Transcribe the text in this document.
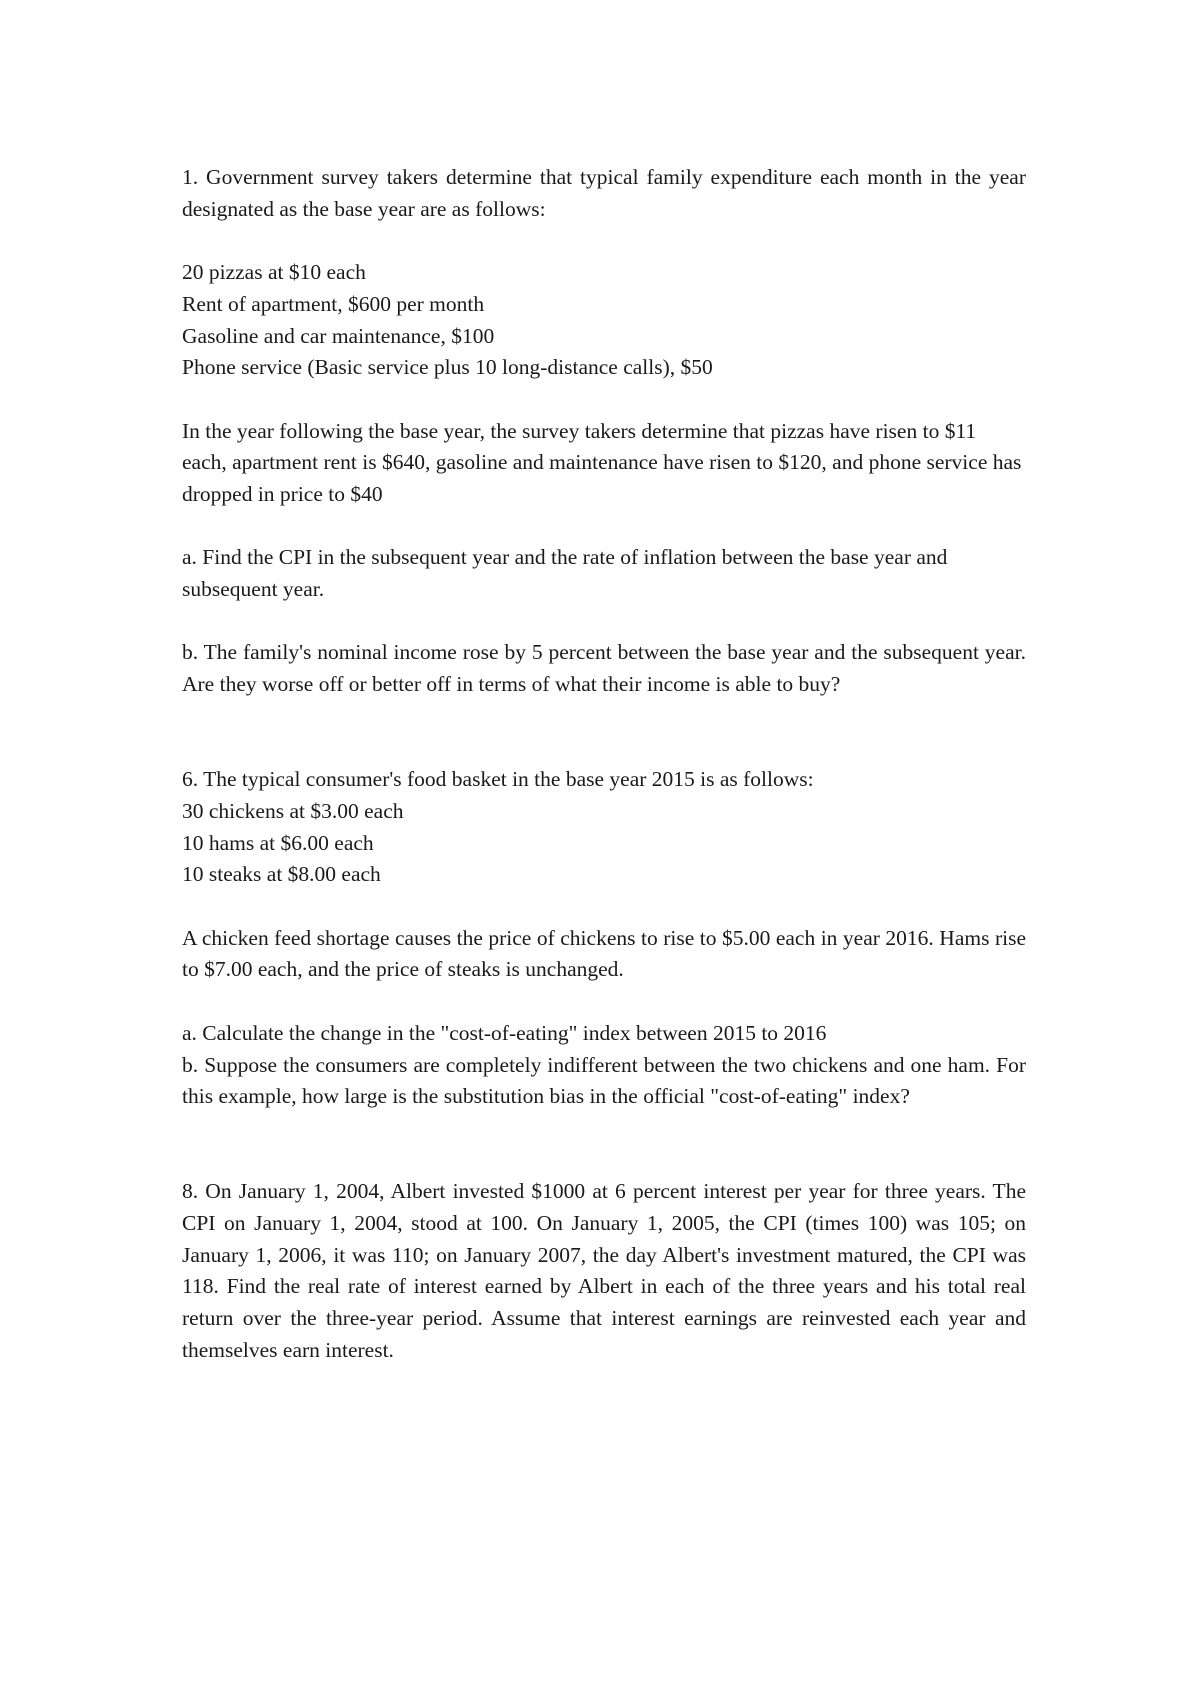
1. Government survey takers determine that typical family expenditure each month in the year designated as the base year are as follows:

20 pizzas at $10 each

Rent of apartment, $600 per month

Gasoline and car maintenance, $100

Phone service (Basic service plus 10 long-distance calls), $50

In the year following the base year, the survey takers determine that pizzas have risen to $11 each, apartment rent is $640, gasoline and maintenance have risen to $120, and phone service has dropped in price to $40

a. Find the CPI in the subsequent year and the rate of inflation between the base year and subsequent year.

b. The family's nominal income rose by 5 percent between the base year and the subsequent year. Are they worse off or better off in terms of what their income is able to buy?

6. The typical consumer's food basket in the base year 2015 is as follows:

30 chickens at $3.00 each

10 hams at $6.00 each

10 steaks at $8.00 each

A chicken feed shortage causes the price of chickens to rise to $5.00 each in year 2016. Hams rise to $7.00 each, and the price of steaks is unchanged.

a. Calculate the change in the "cost-of-eating" index between 2015 to 2016

b. Suppose the consumers are completely indifferent between the two chickens and one ham. For this example, how large is the substitution bias in the official "cost-of-eating" index?

8. On January 1, 2004, Albert invested $1000 at 6 percent interest per year for three years. The CPI on January 1, 2004, stood at 100. On January 1, 2005, the CPI (times 100) was 105; on January 1, 2006, it was 110; on January 2007, the day Albert's investment matured, the CPI was 118. Find the real rate of interest earned by Albert in each of the three years and his total real return over the three-year period. Assume that interest earnings are reinvested each year and themselves earn interest.
